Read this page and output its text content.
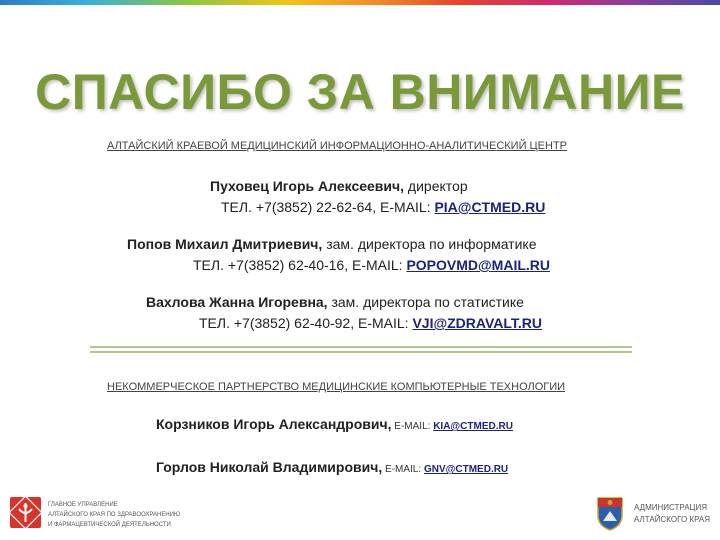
СПАСИБО ЗА ВНИМАНИЕ
АЛТАЙСКИЙ КРАЕВОЙ МЕДИЦИНСКИЙ ИНФОРМАЦИОННО-АНАЛИТИЧЕСКИЙ ЦЕНТР
Пуховец Игорь Алексеевич, директор
ТЕЛ. +7(3852) 22-62-64, E-MAIL: PIA@CTMED.RU
Попов Михаил Дмитриевич, зам. директора по информатике
ТЕЛ. +7(3852) 62-40-16, E-MAIL: POPOVMD@MAIL.RU
Вахлова Жанна Игоревна, зам. директора по статистике
ТЕЛ. +7(3852) 62-40-92, E-MAIL: VJI@ZDRAVALT.RU
НЕКОММЕРЧЕСКОЕ ПАРТНЕРСТВО МЕДИЦИНСКИЕ КОМПЬЮТЕРНЫЕ ТЕХНОЛОГИИ
Корзников Игорь Александрович, E-MAIL: KIA@CTMED.RU
Горлов Николай Владимирович, E-MAIL: GNV@CTMED.RU
ГЛАВНОЕ УПРАВЛЕНИЕ
АЛТАЙСКОГО КРАЯ ПО ЗДРАВООХРАНЕНИЮ
И ФАРМАЦЕВТИЧЕСКОЙ ДЕЯТЕЛЬНОСТИ
АДМИНИСТРАЦИЯ
АЛТАЙСКОГО КРАЯ
